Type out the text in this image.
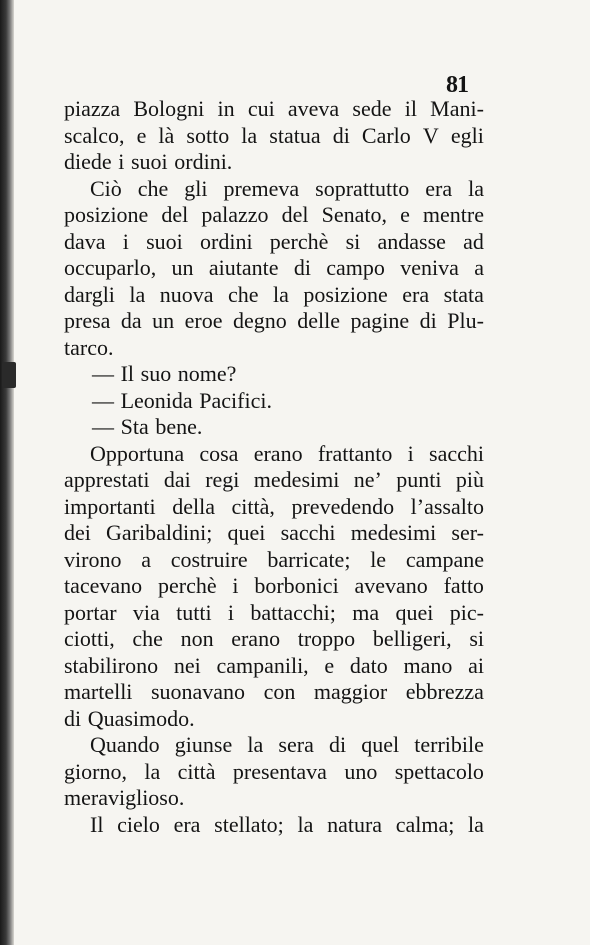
81
piazza Bologni in cui aveva sede il Mani-
scalco, e là sotto la statua di Carlo V egli
diede i suoi ordini.
Ciò che gli premeva soprattutto era la
posizione del palazzo del Senato, e mentre
dava i suoi ordini perchè si andasse ad
occuparlo, un aiutante di campo veniva a
dargli la nuova che la posizione era stata
presa da un eroe degno delle pagine di Plu-
tarco.
— Il suo nome?
— Leonida Pacifici.
— Sta bene.
Opportuna cosa erano frattanto i sacchi
apprestati dai regi medesimi ne’ punti più
importanti della città, prevedendo l’assalto
dei Garibaldini; quei sacchi medesimi ser-
virono a costruire barricate; le campane
tacevano perchè i borbonici avevano fatto
portar via tutti i battacchi; ma quei pic-
ciotti, che non erano troppo belligeri, si
stabilirono nei campanili, e dato mano ai
martelli suonavano con maggior ebbrezza
di Quasimodo.
Quando giunse la sera di quel terribile
giorno, la città presentava uno spettacolo
meraviglioso.
Il cielo era stellato; la natura calma; la
